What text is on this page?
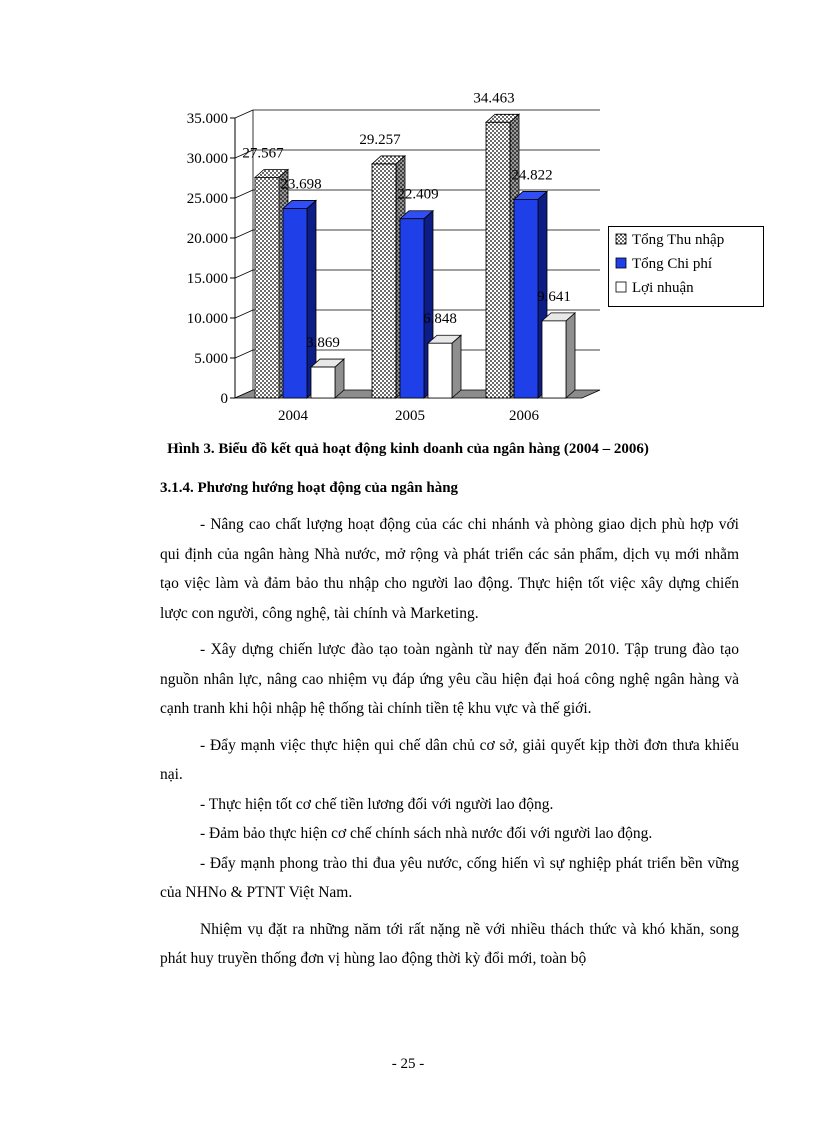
27.567
23.698
3.869
29.257
22.409
6.848
34.463
24.822
9.641
0
5.000
10.000
15.000
20.000
25.000
30.000
35.000
2004	2005	2006
Hình 3. Biểu đồ kết quả hoạt động kinh doanh của ngân hàng (2004 – 2006)
3.1.4. Phương hướng hoạt động của ngân hàng

- Nâng cao chất lượng hoạt động của các chi nhánh và phòng giao dịch phù hợp với qui định của ngân hàng Nhà nước, mở rộng và phát triển các sản phẩm, dịch vụ mới nhằm tạo việc làm và đảm bảo thu nhập cho người lao động. Thực hiện tốt việc xây dựng chiến lược con người, công nghệ, tài chính và Marketing.

- Xây dựng chiến lược đào tạo toàn ngành từ nay đến năm 2010. Tập trung đào tạo nguồn nhân lực, nâng cao nhiệm vụ đáp ứng yêu cầu hiện đại hoá công nghệ ngân hàng và cạnh tranh khi hội nhập hệ thống tài chính tiền tệ khu vực và thế giới.

- Đẩy mạnh việc thực hiện qui chế dân chủ cơ sở, giải quyết kịp thời đơn thưa khiếu nại.

- Thực hiện tốt cơ chế tiền lương đối với người lao động.

- Đảm bảo thực hiện cơ chế chính sách nhà nước đối với người lao động.

- Đẩy mạnh phong trào thi đua yêu nước, cống hiến vì sự nghiệp phát triển bền vững của NHNo & PTNT Việt Nam.

Nhiệm vụ đặt ra những năm tới rất nặng nề với nhiều thách thức và khó khăn, song phát huy truyền thống đơn vị hùng lao động thời kỳ đổi mới, toàn bộ

- 25 -
Tổng Thu nhập
Tổng Chi phí
Lợi nhuận
